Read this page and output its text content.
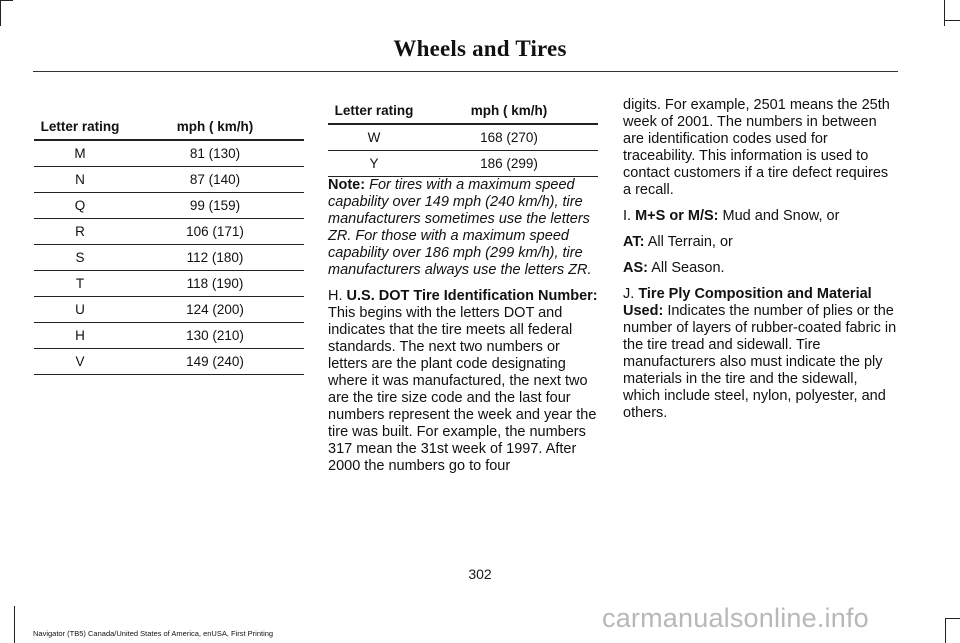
Wheels and Tires
Letter rating	mph ( km/h)
M	81 (130)
N	87 (140)
Q	99 (159)
R	106 (171)
S	112 (180)
T	118 (190)
U	124 (200)
H	130 (210)
V	149 (240)
Letter rating	mph ( km/h)
W	168 (270)
Y	186 (299)

Note: For tires with a maximum speed capability over 149 mph (240 km/h), tire manufacturers sometimes use the letters ZR. For those with a maximum speed capability over 186 mph (299 km/h), tire manufacturers always use the letters ZR.

H. U.S. DOT Tire Identification Number: This begins with the letters DOT and indicates that the tire meets all federal standards. The next two numbers or letters are the plant code designating where it was manufactured, the next two are the tire size code and the last four numbers represent the week and year the tire was built. For example, the numbers 317 mean the 31st week of 1997. After 2000 the numbers go to four

digits. For example, 2501 means the 25th week of 2001. The numbers in between are identification codes used for traceability. This information is used to contact customers if a tire defect requires a recall.

I. M+S or M/S: Mud and Snow, or

AT: All Terrain, or

AS: All Season.

J. Tire Ply Composition and Material Used: Indicates the number of plies or the number of layers of rubber-coated fabric in the tire tread and sidewall. Tire manufacturers also must indicate the ply materials in the tire and the sidewall, which include steel, nylon, polyester, and others.

302
Navigator (TB5) Canada/United States of America, enUSA, First Printing
carmanualsonline.info
